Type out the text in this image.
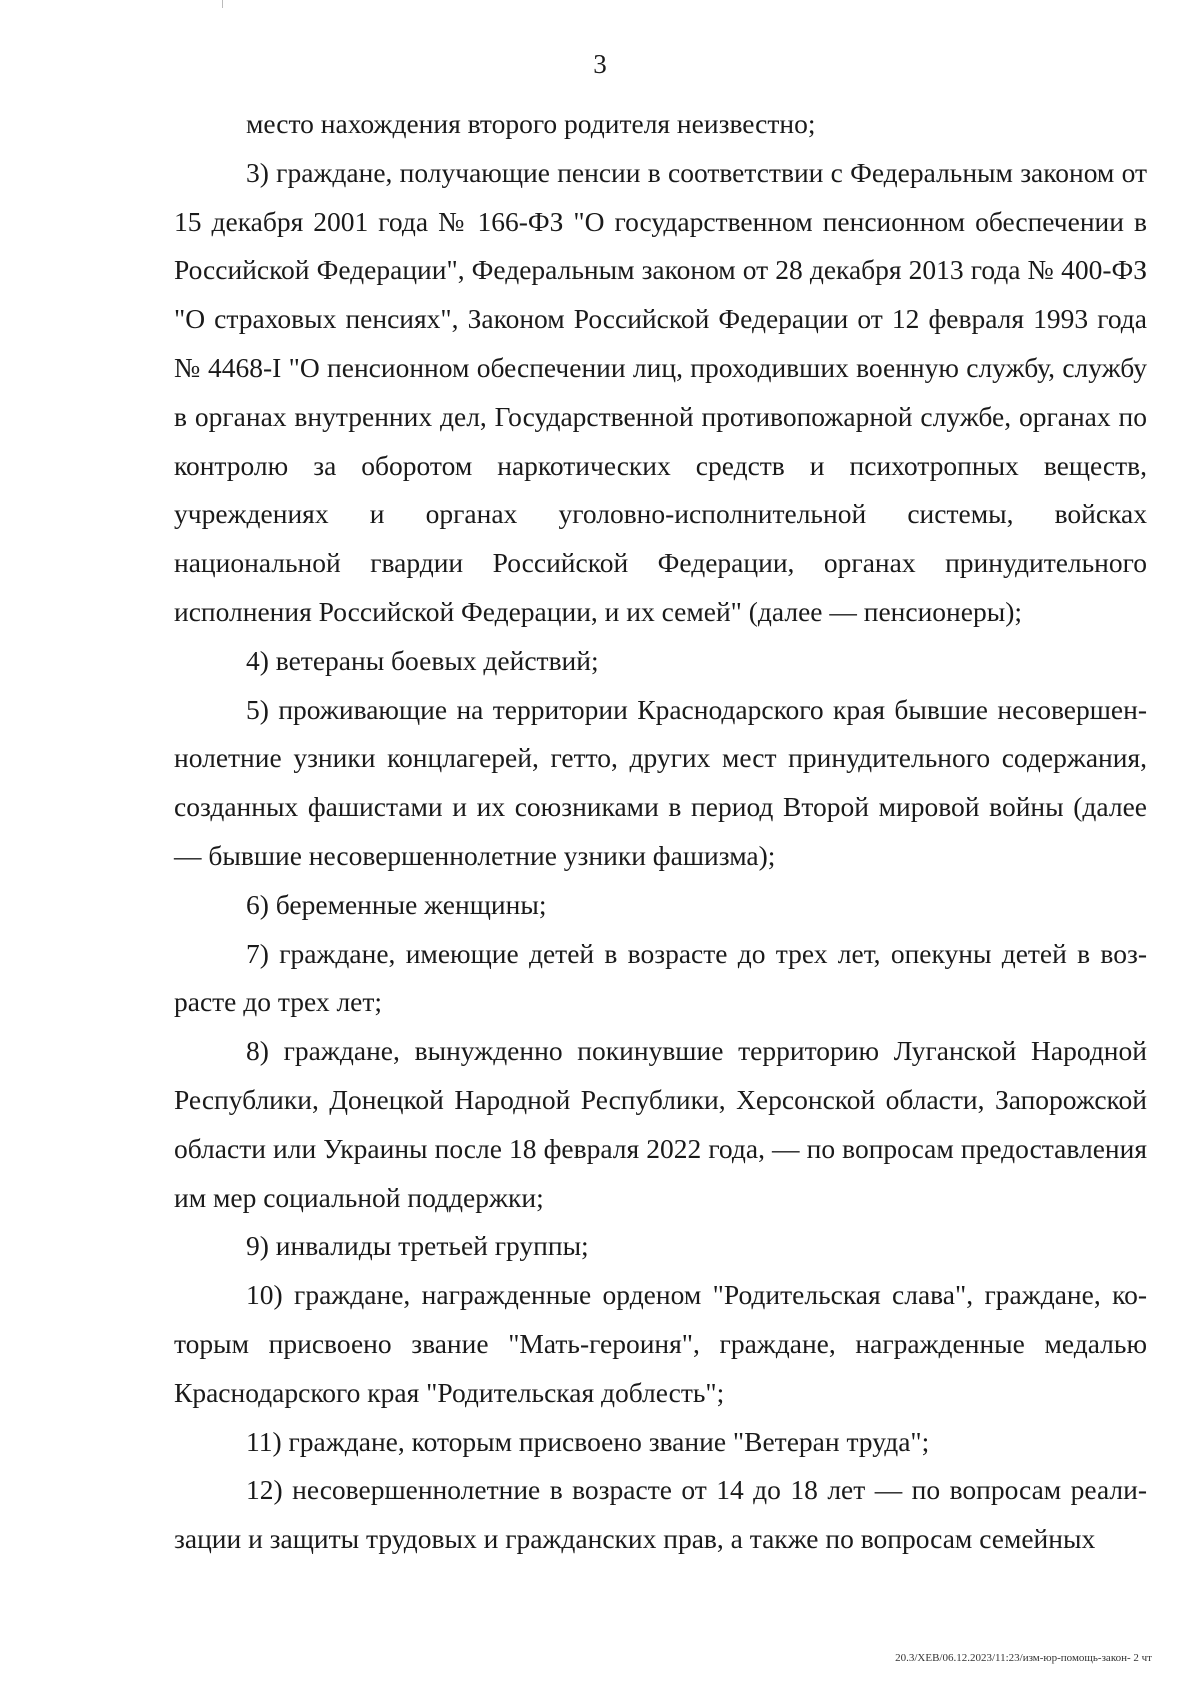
3

место нахождения второго родителя неизвестно;

3) граждане, получающие пенсии в соответствии с Федеральным законом от 15 декабря 2001 года № 166-ФЗ "О государственном пенсионном обеспечении в Российской Федерации", Федеральным законом от 28 декабря 2013 года № 400-ФЗ "О страховых пенсиях", Законом Российской Федерации от 12 февраля 1993 года № 4468-I "О пенсионном обеспечении лиц, проходивших военную службу, службу в органах внутренних дел, Государственной противопожарной службе, органах по контролю за оборотом наркотических средств и психотропных веществ, учреждениях и органах уголовно-исполнительной системы, войсках национальной гвардии Российской Федерации, органах принудительного исполнения Российской Федерации, и их семей" (далее — пенсионеры);

4) ветераны боевых действий;

5) проживающие на территории Краснодарского края бывшие несовершеннолетние узники концлагерей, гетто, других мест принудительного содержания, созданных фашистами и их союзниками в период Второй мировой войны (далее — бывшие несовершеннолетние узники фашизма);

6) беременные женщины;

7) граждане, имеющие детей в возрасте до трех лет, опекуны детей в возрасте до трех лет;

8) граждане, вынужденно покинувшие территорию Луганской Народной Республики, Донецкой Народной Республики, Херсонской области, Запорожской области или Украины после 18 февраля 2022 года, — по вопросам предоставления им мер социальной поддержки;

9) инвалиды третьей группы;

10) граждане, награжденные орденом "Родительская слава", граждане, которым присвоено звание "Мать-героиня", граждане, награжденные медалью Краснодарского края "Родительская доблесть";

11) граждане, которым присвоено звание "Ветеран труда";

12) несовершеннолетние в возрасте от 14 до 18 лет — по вопросам реализации и защиты трудовых и гражданских прав, а также по вопросам семейных

20.3/ХЕВ/06.12.2023/11:23/изм-юр-помощь-закон- 2 чт
